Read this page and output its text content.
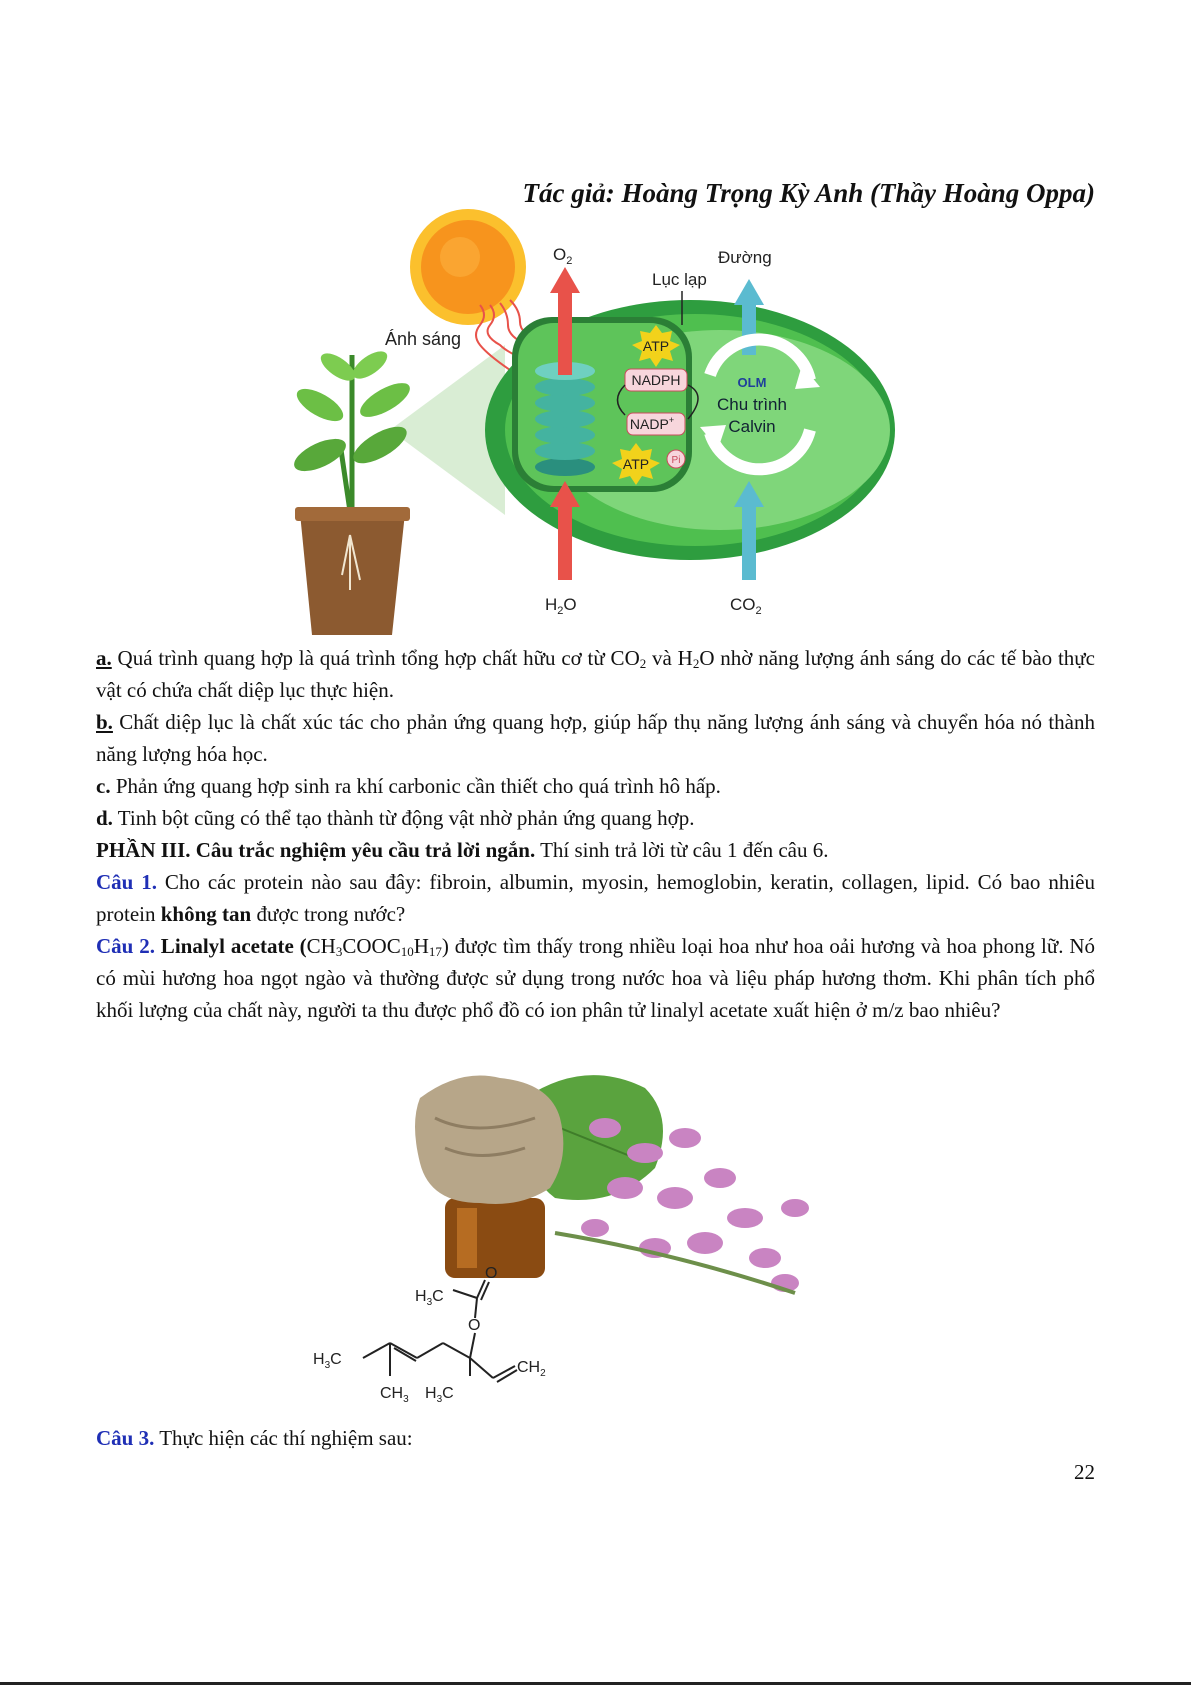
Tác giả: Hoàng Trọng Kỳ Anh (Thầy Hoàng Oppa)
Ánh sáng
$O_2$
$H_2O$
Đường
$CO_2$
Lục lạp
ATP
NADPH
NADP+
ATP Pi
OLM
Chu trình
Calvin

a. Quá trình quang hợp là quá trình tổng hợp chất hữu cơ từ $CO_2$ và $H_2O$ nhờ năng lượng ánh sáng do các tế bào thực vật có chứa chất diệp lục thực hiện.

b. Chất diệp lục là chất xúc tác cho phản ứng quang hợp, giúp hấp thụ năng lượng ánh sáng và chuyển hóa nó thành năng lượng hóa học.

c. Phản ứng quang hợp sinh ra khí carbonic cần thiết cho quá trình hô hấp.

d. Tinh bột cũng có thể tạo thành từ động vật nhờ phản ứng quang hợp.

PHẦN III. Câu trắc nghiệm yêu cầu trả lời ngắn. Thí sinh trả lời từ câu 1 đến câu 6.

Câu 1. Cho các protein nào sau đây: fibroin, albumin, myosin, hemoglobin, keratin, collagen, lipid. Có bao nhiêu protein không tan được trong nước?

Câu 2. Linalyl acetate $(CH_3COOC_{10}H_{17})$ được tìm thấy trong nhiều loại hoa như hoa oải hương và hoa phong lữ. Nó có mùi hương hoa ngọt ngào và thường được sử dụng trong nước hoa và liệu pháp hương thơm. Khi phân tích phổ khối lượng của chất này, người ta thu được phổ đồ có ion phân tử linalyl acetate xuất hiện ở m/z bao nhiêu?

$H_3C$
O
O
$H_3C$
$CH_3$ $H_3C$
$CH_2$
Câu 3. Thực hiện các thí nghiệm sau:
22
